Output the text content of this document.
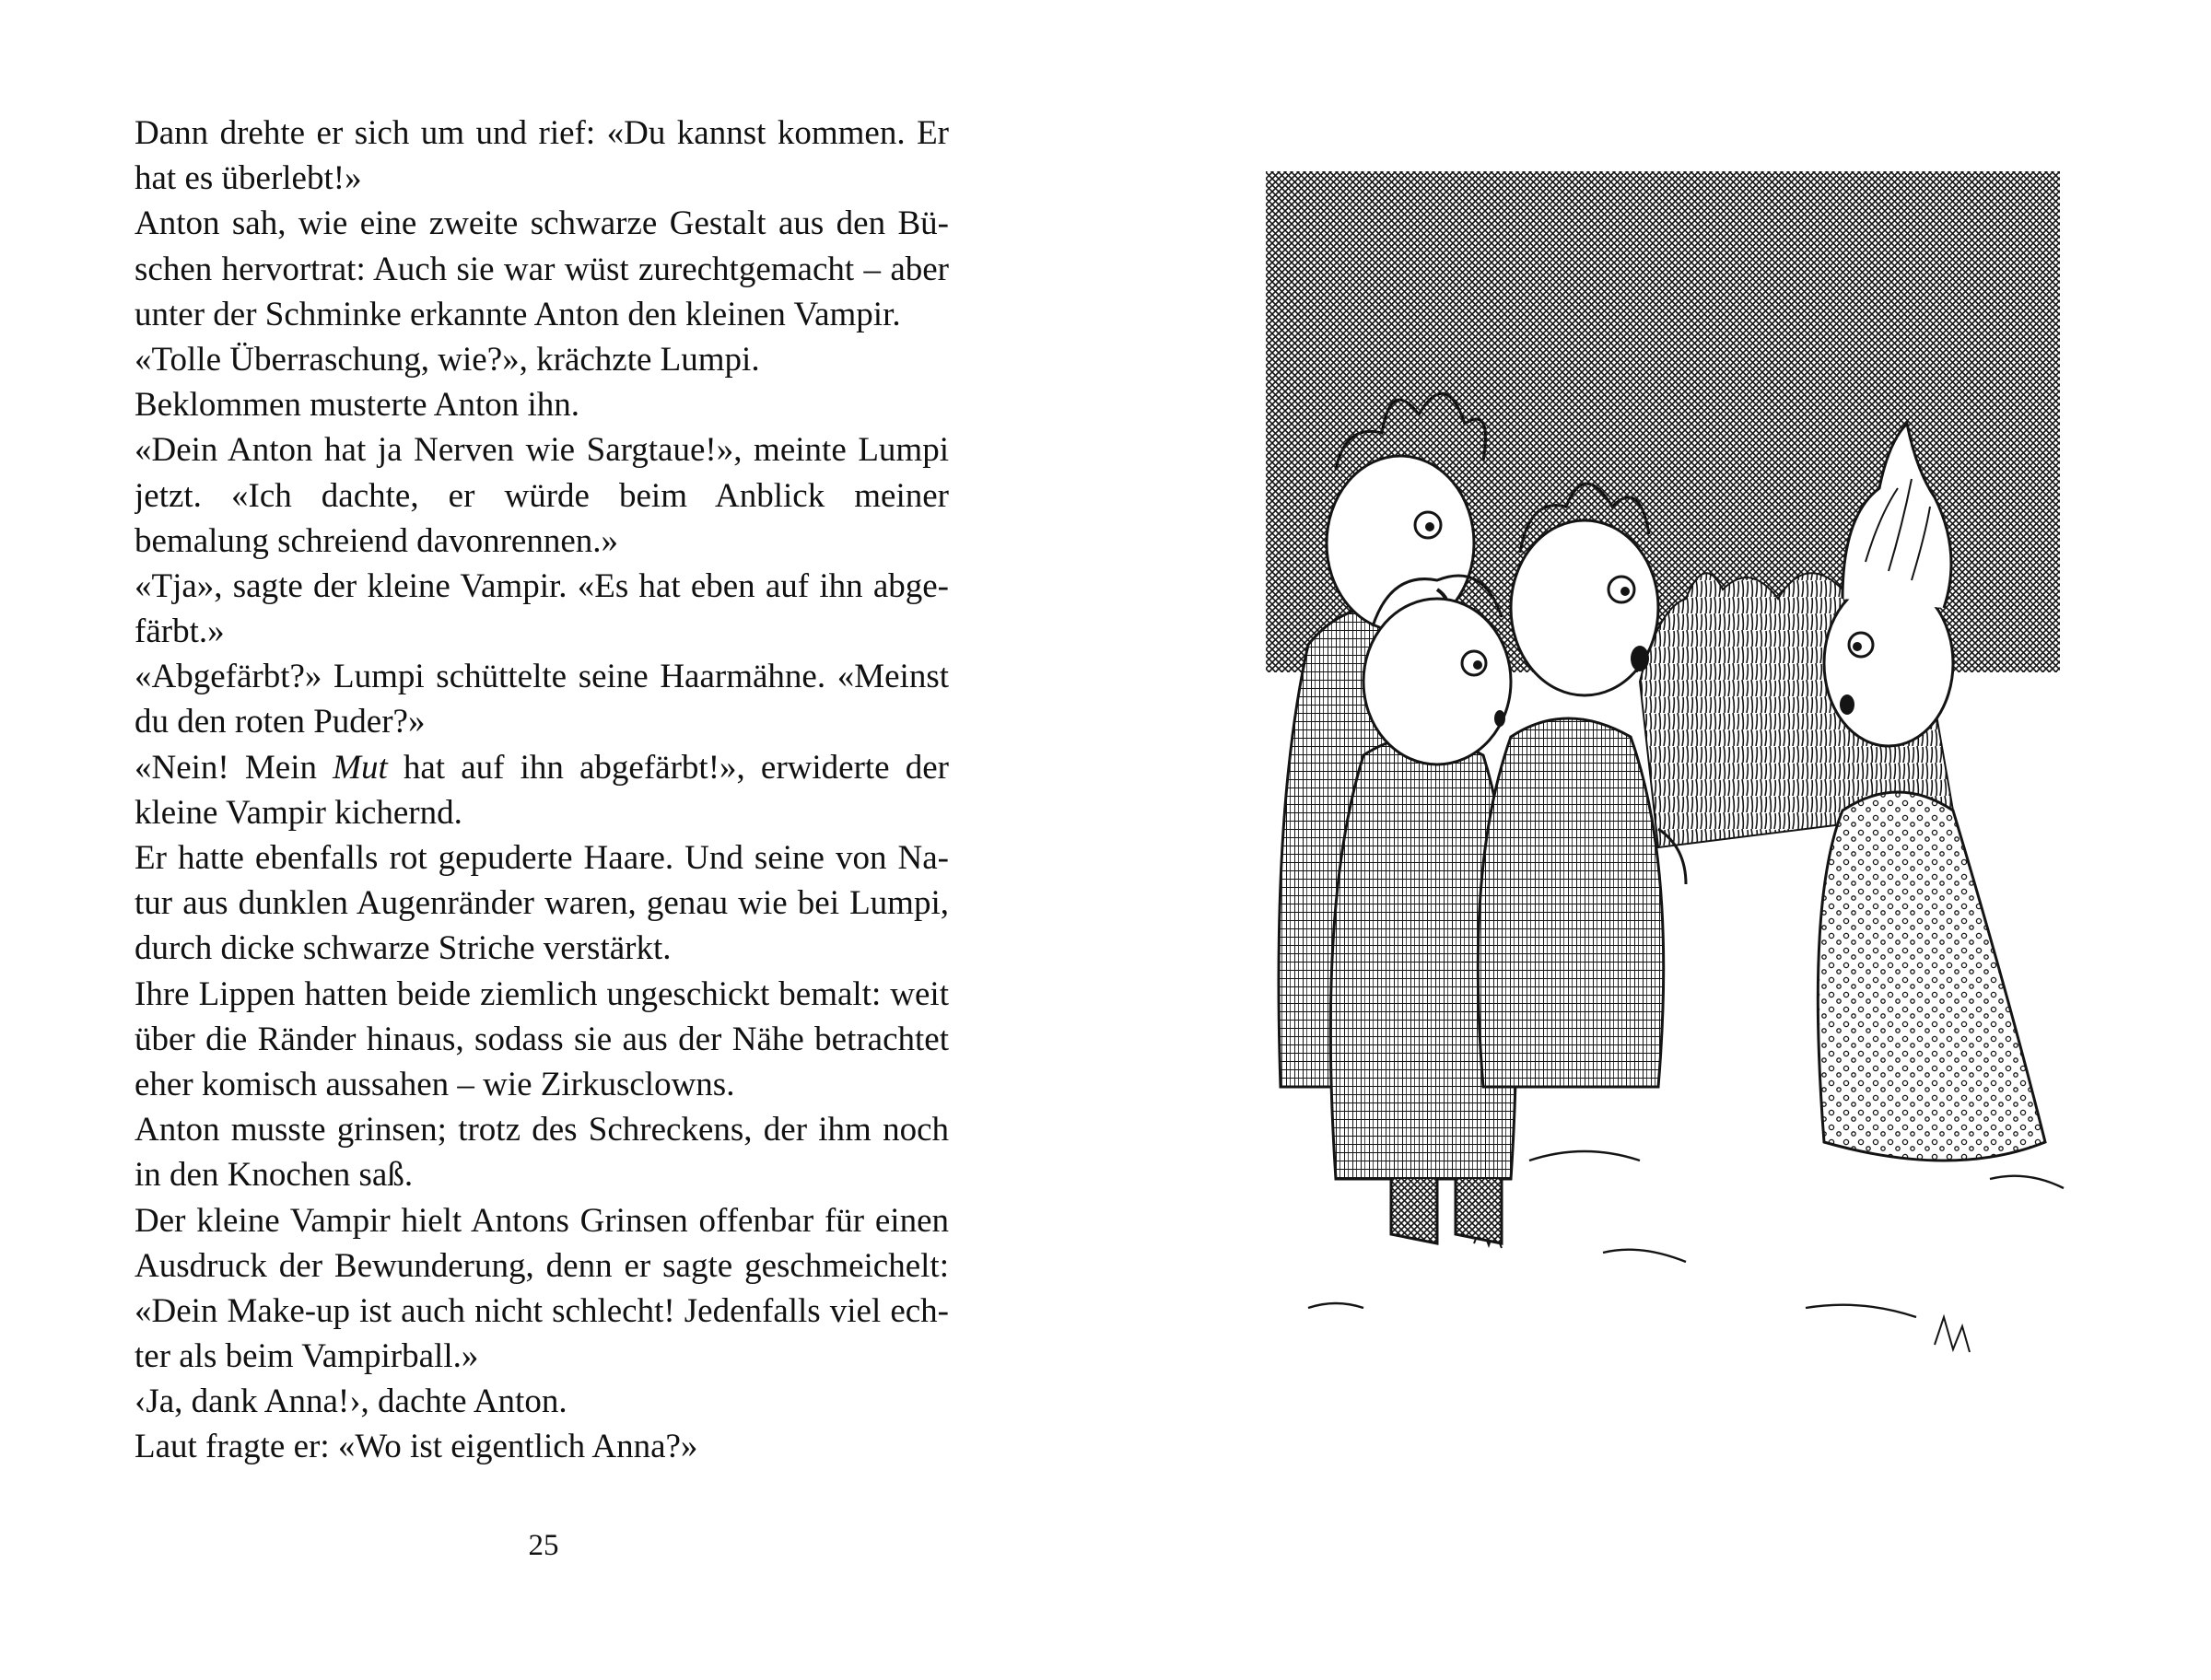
Dann drehte er sich um und rief: «Du kannst kommen. Er
hat es überlebt!»
Anton sah, wie eine zweite schwarze Gestalt aus den Bü-
schen hervortrat: Auch sie war wüst zurechtgemacht – aber
unter der Schminke erkannte Anton den kleinen Vampir.
«Tolle Überraschung, wie?», krächzte Lumpi.
Beklommen musterte Anton ihn.
«Dein Anton hat ja Nerven wie Sargtaue!», meinte Lumpi
jetzt. «Ich dachte, er würde beim Anblick meiner
bemalung schreiend davonrennen.»
«Tja», sagte der kleine Vampir. «Es hat eben auf ihn abge-
färbt.»
«Abgefärbt?» Lumpi schüttelte seine Haarmähne. «Meinst
du den roten Puder?»
«Nein! Mein Mut hat auf ihn abgefärbt!», erwiderte der
kleine Vampir kichernd.
Er hatte ebenfalls rot gepuderte Haare. Und seine von Na-
tur aus dunklen Augenränder waren, genau wie bei Lumpi,
durch dicke schwarze Striche verstärkt.
Ihre Lippen hatten beide ziemlich ungeschickt bemalt: weit
über die Ränder hinaus, sodass sie aus der Nähe betrachtet
eher komisch aussahen – wie Zirkusclowns.
Anton musste grinsen; trotz des Schreckens, der ihm noch
in den Knochen saß.
Der kleine Vampir hielt Antons Grinsen offenbar für einen
Ausdruck der Bewunderung, denn er sagte geschmeichelt:
«Dein Make-up ist auch nicht schlecht! Jedenfalls viel ech-
ter als beim Vampirball.»
‹Ja, dank Anna!›, dachte Anton.
Laut fragte er: «Wo ist eigentlich Anna?»
25
